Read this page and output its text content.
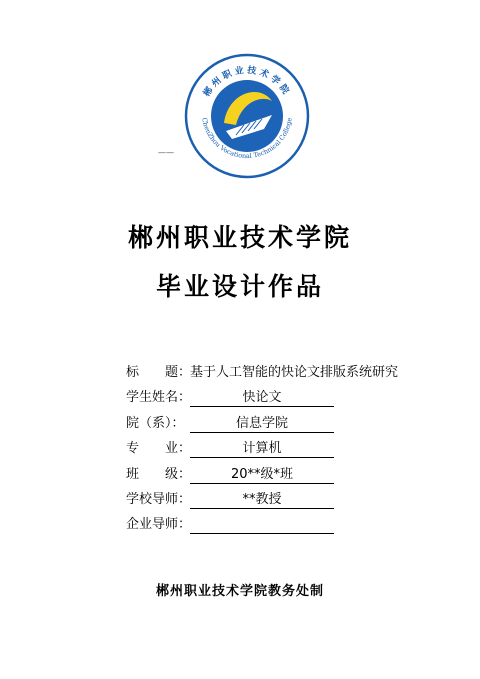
郴州职业技术学院
ChenZhou Vocational Technical College
——
郴州职业技术学院
毕业设计作品
标　　题：
基于人工智能的快论文排版系统研究
学生姓名：	快论文
院（系）：	信息学院
专　　业：	计算机
班　　级：	20**级*班
学校导师：	**教授
企业导师：
郴州职业技术学院教务处制
